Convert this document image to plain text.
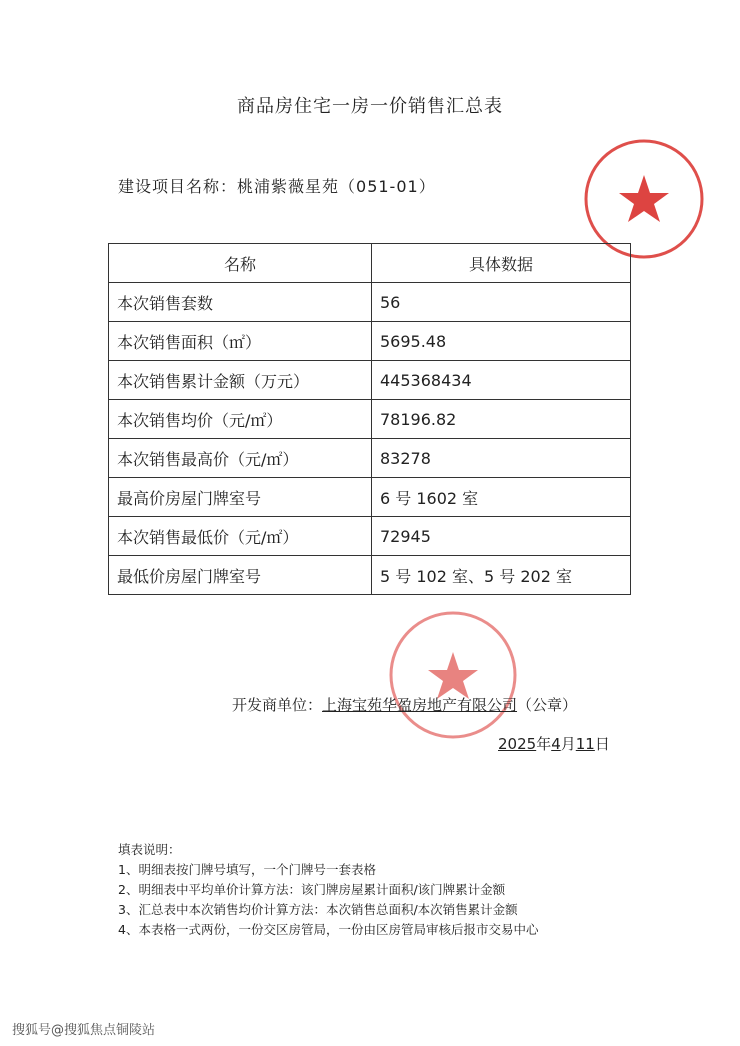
商品房住宅一房一价销售汇总表
建设项目名称：桃浦紫薇星苑（051-01）
名称	具体数据
本次销售套数	56
本次销售面积（㎡）	5695.48
本次销售累计金额（万元）	445368434
本次销售均价（元/㎡）	78196.82
本次销售最高价（元/㎡）	83278
最高价房屋门牌室号	6 号 1602 室
本次销售最低价（元/㎡）	72945
最低价房屋门牌室号	5 号 102 室、5 号 202 室
开发商单位：上海宝苑华盈房地产有限公司（公章）
2025年4月11日
填表说明：
1、明细表按门牌号填写，一个门牌号一套表格
2、明细表中平均单价计算方法：该门牌房屋累计面积/该门牌累计金额
3、汇总表中本次销售均价计算方法：本次销售总面积/本次销售累计金额
4、本表格一式两份，一份交区房管局，一份由区房管局审核后报市交易中心
搜狐号@搜狐焦点铜陵站
